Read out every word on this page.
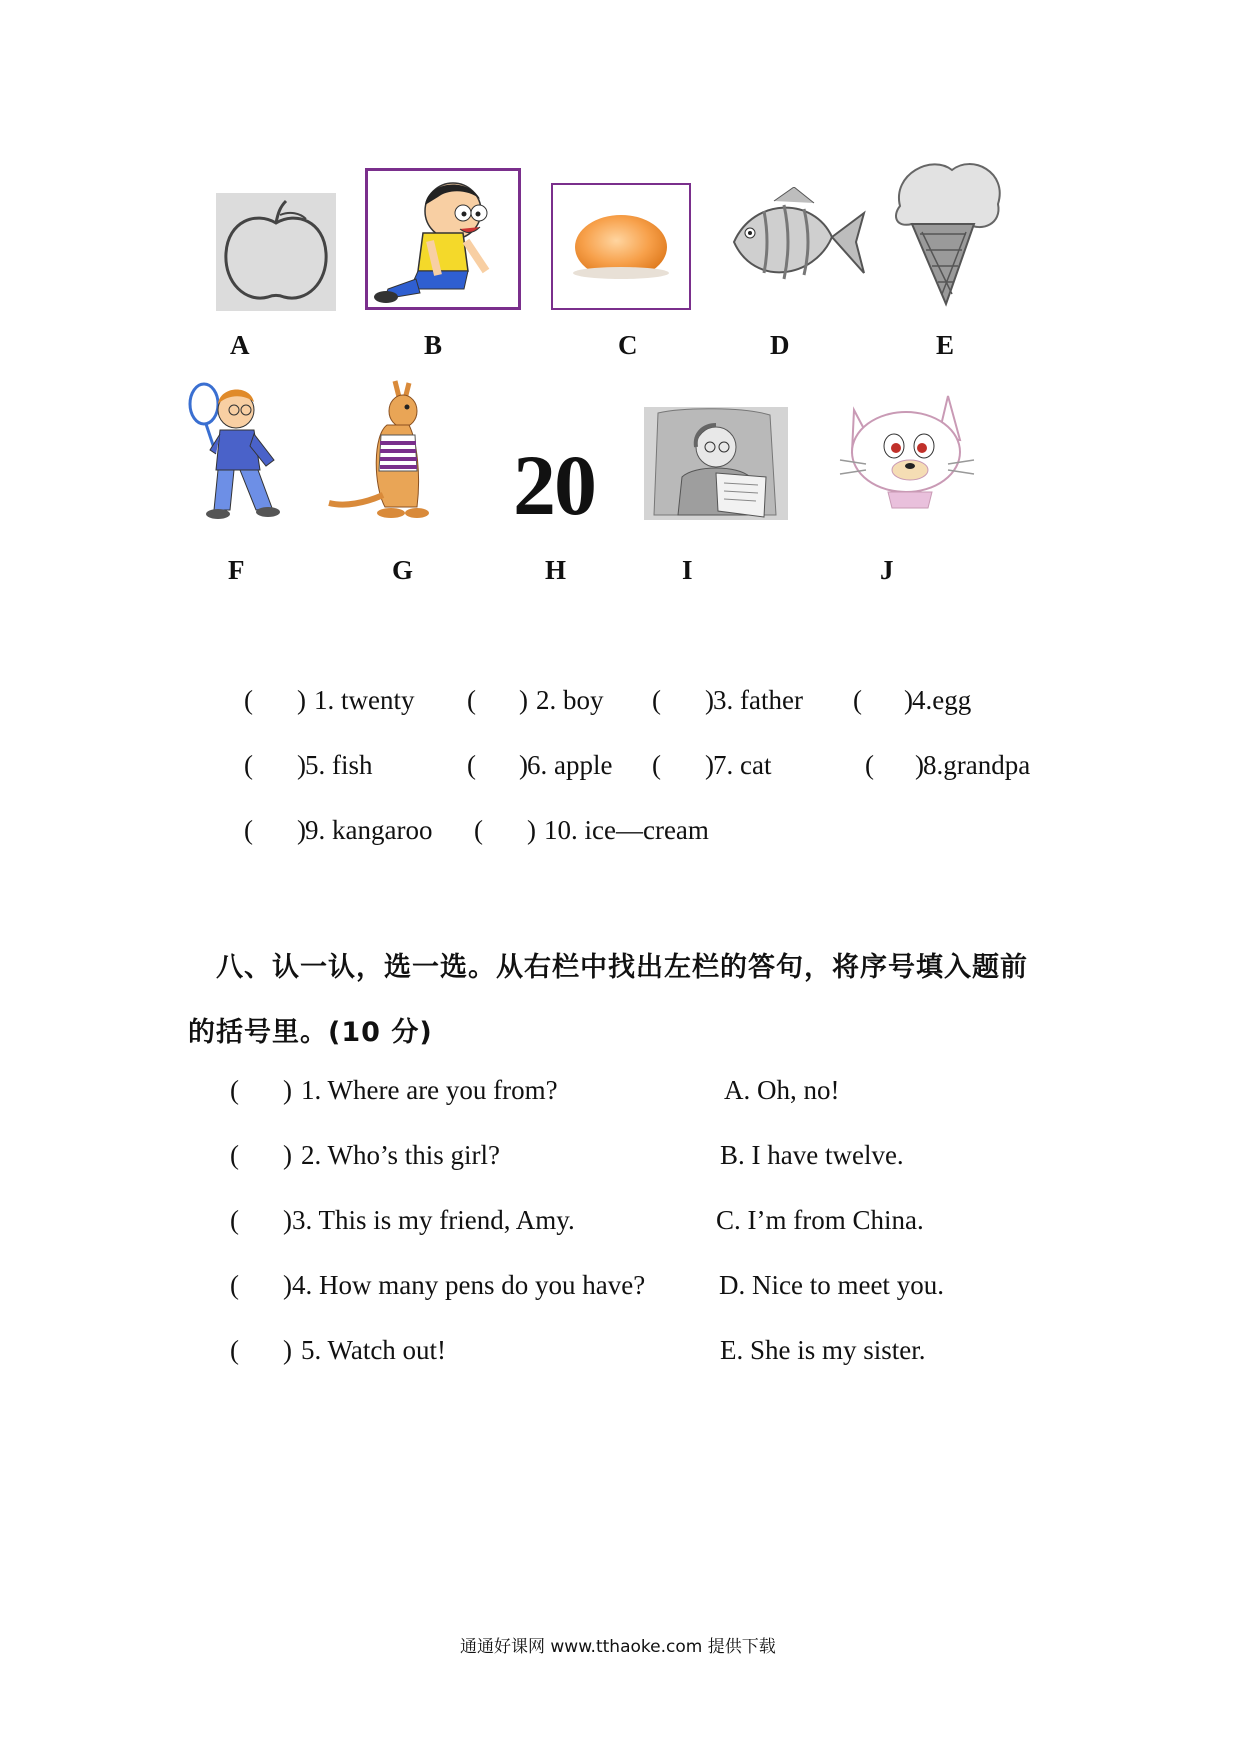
A	B	C	D	E
20
F	G	H	I	J
( ) 1. twenty ( ) 2. boy ( ) 3. father ( ) 4.egg
( ) 5. fish	( ) 6. apple ( ) 7. cat	( ) 8.grandpa
( ) 9. kangaroo ( ) 10. ice—cream
八、认一认，选一选。从右栏中找出左栏的答句，将序号填入题前
的括号里。(10 分)
( ) 1. Where are you from?	A. Oh, no!
( ) 2. Who’s this girl?	B. I have twelve.
( ) 3. This is my friend, Amy.	C. I’m from China.
( ) 4. How many pens do you have?	D. Nice to meet you.
( ) 5. Watch out!	E. She is my sister.
通通好课网 www.tthaoke.com 提供下载
